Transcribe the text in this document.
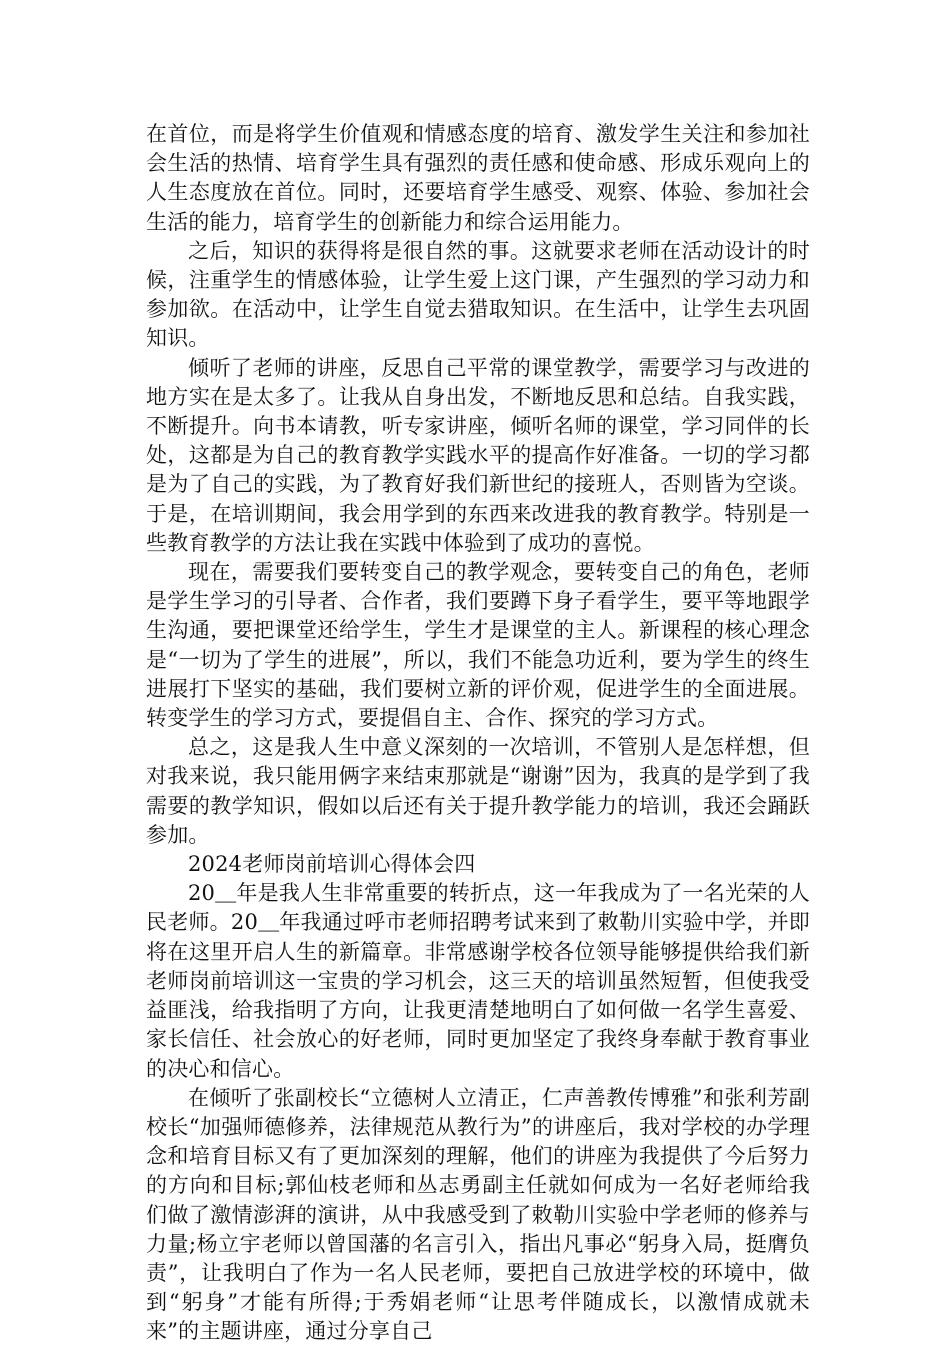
在首位，而是将学生价值观和情感态度的培育、激发学生关注和参加社会生活的热情、培育学生具有强烈的责任感和使命感、形成乐观向上的人生态度放在首位。同时，还要培育学生感受、观察、体验、参加社会生活的能力，培育学生的创新能力和综合运用能力。

之后，知识的获得将是很自然的事。这就要求老师在活动设计的时候，注重学生的情感体验，让学生爱上这门课，产生强烈的学习动力和参加欲。在活动中，让学生自觉去猎取知识。在生活中，让学生去巩固知识。

倾听了老师的讲座，反思自己平常的课堂教学，需要学习与改进的地方实在是太多了。让我从自身出发，不断地反思和总结。自我实践，不断提升。向书本请教，听专家讲座，倾听名师的课堂，学习同伴的长处，这都是为自己的教育教学实践水平的提高作好准备。一切的学习都是为了自己的实践，为了教育好我们新世纪的接班人，否则皆为空谈。于是，在培训期间，我会用学到的东西来改进我的教育教学。特别是一些教育教学的方法让我在实践中体验到了成功的喜悦。

现在，需要我们要转变自己的教学观念，要转变自己的角色，老师是学生学习的引导者、合作者，我们要蹲下身子看学生，要平等地跟学生沟通，要把课堂还给学生，学生才是课堂的主人。新课程的核心理念是“一切为了学生的进展”，所以，我们不能急功近利，要为学生的终生进展打下坚实的基础，我们要树立新的评价观，促进学生的全面进展。转变学生的学习方式，要提倡自主、合作、探究的学习方式。

总之，这是我人生中意义深刻的一次培训，不管别人是怎样想，但对我来说，我只能用俩字来结束那就是“谢谢”因为，我真的是学到了我需要的教学知识，假如以后还有关于提升教学能力的培训，我还会踊跃参加。

2024老师岗前培训心得体会四

20＿年是我人生非常重要的转折点，这一年我成为了一名光荣的人民老师。20＿年我通过呼市老师招聘考试来到了敕勒川实验中学，并即将在这里开启人生的新篇章。非常感谢学校各位领导能够提供给我们新老师岗前培训这一宝贵的学习机会，这三天的培训虽然短暂，但使我受益匪浅，给我指明了方向，让我更清楚地明白了如何做一名学生喜爱、家长信任、社会放心的好老师，同时更加坚定了我终身奉献于教育事业的决心和信心。

在倾听了张副校长“立德树人立清正，仁声善教传博雅”和张利芳副校长“加强师德修养，法律规范从教行为”的讲座后，我对学校的办学理念和培育目标又有了更加深刻的理解，他们的讲座为我提供了今后努力的方向和目标;郭仙枝老师和丛志勇副主任就如何成为一名好老师给我们做了激情澎湃的演讲，从中我感受到了敕勒川实验中学老师的修养与力量;杨立宇老师以曾国藩的名言引入，指出凡事必“躬身入局，挺膺负责”，让我明白了作为一名人民老师，要把自己放进学校的环境中，做到“躬身”才能有所得;于秀娟老师“让思考伴随成长，以激情成就未来”的主题讲座，通过分享自己
